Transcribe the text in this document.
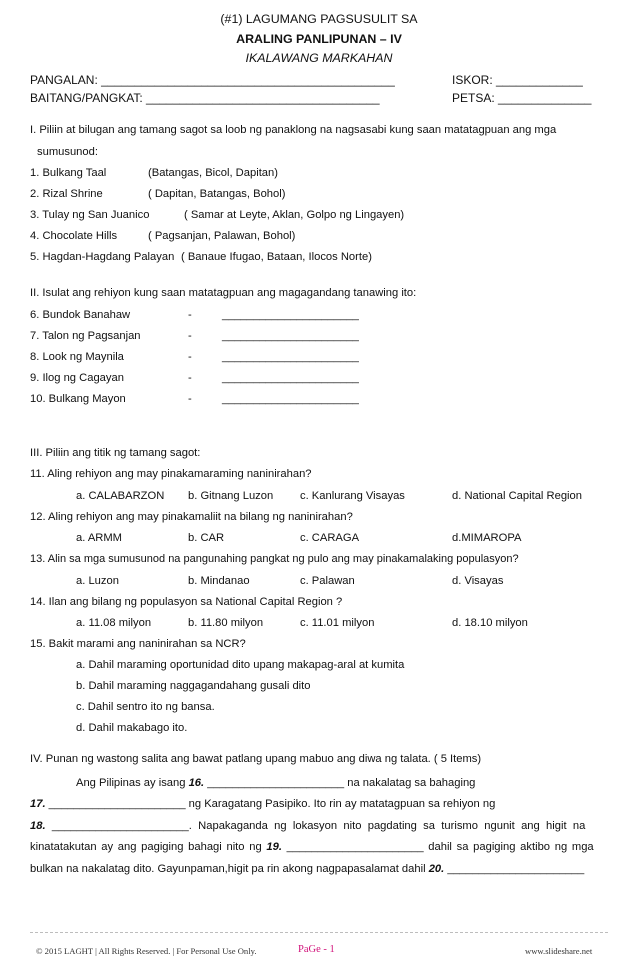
(#1) LAGUMANG PAGSUSULIT SA
ARALING PANLIPUNAN – IV
IKALAWANG MARKAHAN
PANGALAN: ____________________________________________	ISKOR: _____________
BAITANG/PANGKAT: ___________________________________	PETSA: ______________
I. Piliin at bilugan ang tamang sagot sa loob ng panaklong na nagsasabi kung saan matatagpuan ang mga
sumusunod:
1. Bulkang Taal	(Batangas, Bicol, Dapitan)
2. Rizal Shrine	( Dapitan, Batangas, Bohol)
3. Tulay ng San Juanico	( Samar at Leyte, Aklan, Golpo ng Lingayen)
4. Chocolate Hills	( Pagsanjan, Palawan, Bohol)
5. Hagdan-Hagdang Palayan ( Banaue Ifugao, Bataan, Ilocos Norte)
II. Isulat ang rehiyon kung saan matatagpuan ang magagandang tanawing ito:
6. Bundok Banahaw	-	______________________
7. Talon ng Pagsanjan	-	______________________
8. Look ng Maynila	-	______________________
9. Ilog ng Cagayan	-	______________________
10. Bulkang Mayon	-	______________________
III. Piliin ang titik ng tamang sagot:
11. Aling rehiyon ang may pinakamaraming naninirahan?
a. CALABARZON b. Gitnang Luzon c. Kanlurang Visayas	d. National Capital Region
12. Aling rehiyon ang may pinakamaliit na bilang ng naninirahan?
a. ARMM	b. CAR	c. CARAGA	d.MIMAROPA
13. Alin sa mga sumusunod na pangunahing pangkat ng pulo ang may pinakamalaking populasyon?
a. Luzon	b. Mindanao	c. Palawan	d. Visayas
14. Ilan ang bilang ng populasyon sa National Capital Region ?
a. 11.08 milyon	b. 11.80 milyon	c. 11.01 milyon	d. 18.10 milyon
15. Bakit marami ang naninirahan sa NCR?
a. Dahil maraming oportunidad dito upang makapag-aral at kumita
b. Dahil maraming naggagandahang gusali dito
c. Dahil sentro ito ng bansa.
d. Dahil makabago ito.
IV. Punan ng wastong salita ang bawat patlang upang mabuo ang diwa ng talata. ( 5 Items)
Ang Pilipinas ay isang 16. ______________________ na nakalatag sa bahaging
17. ______________________ ng Karagatang Pasipiko. Ito rin ay matatagpuan sa rehiyon ng
18. ______________________. Napakaganda ng lokasyon nito pagdating sa turismo ngunit ang higit na
kinatatakutan ay ang pagiging bahagi nito ng 19. ______________________ dahil sa pagiging aktibo ng mga
bulkan na nakalatag dito. Gayunpaman,higit pa rin akong nagpapasalamat dahil 20. ______________________
© 2015 LAGHT | All Rights Reserved. | For Personal Use Only.	PaGe - 1	www.slideshare.net
